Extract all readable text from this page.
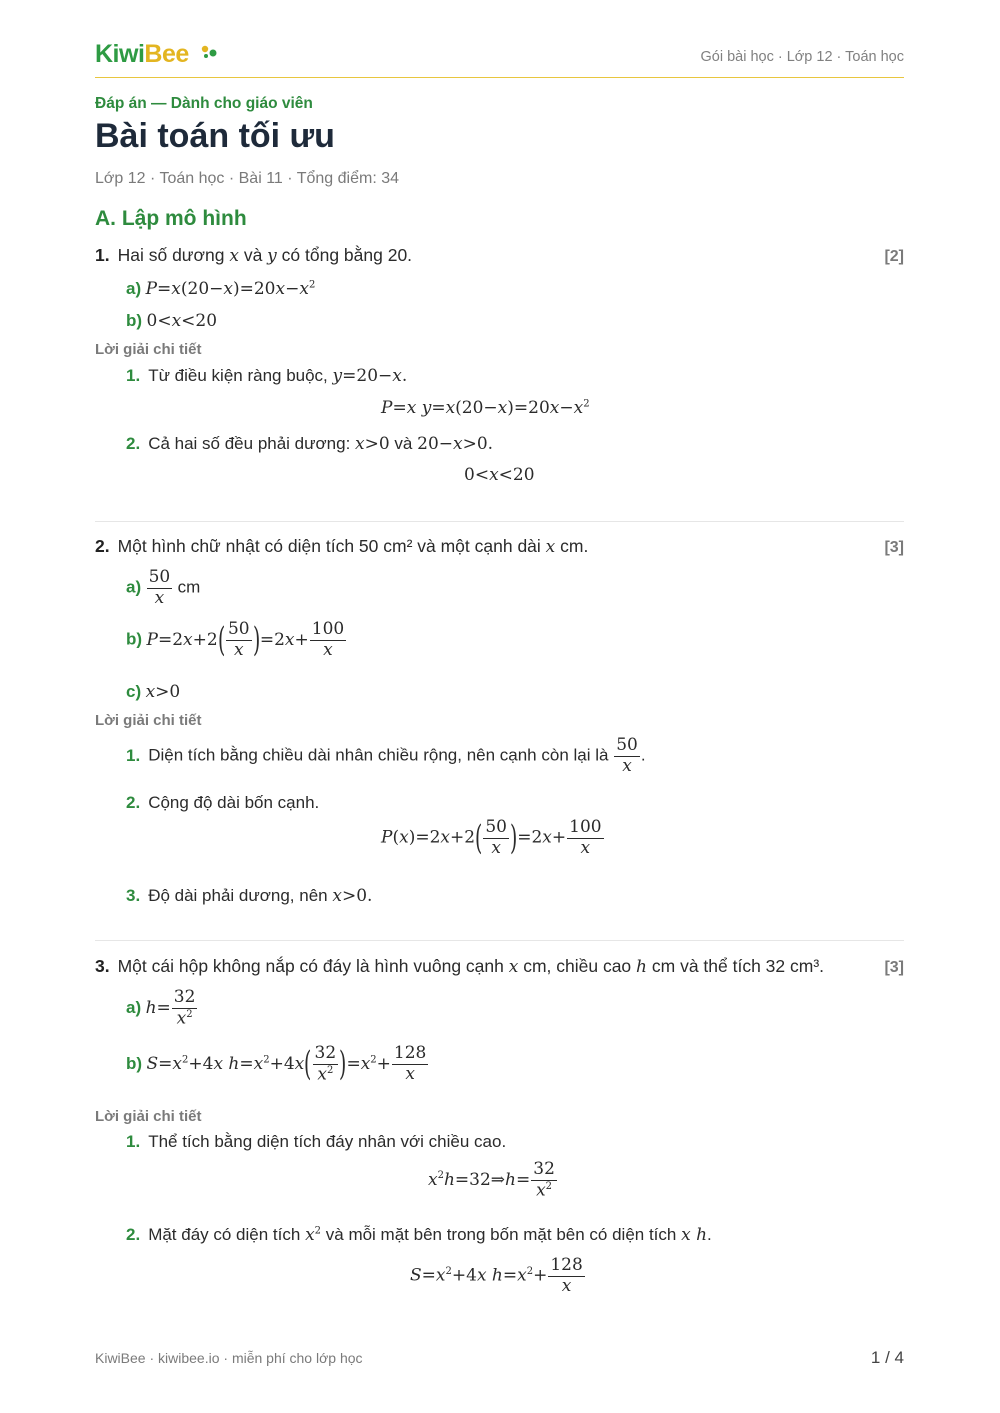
KiwiBee	Gói bài học · Lớp 12 · Toán học
Đáp án — Dành cho giáo viên
Bài toán tối ưu
Lớp 12 · Toán học · Bài 11 · Tổng điểm: 34
A. Lập mô hình
1. Hai số dương x và y có tổng bằng 20.	[2]
a) $P=x(20-x)=20x-x^2$
b) 0<x<20
Lời giải chi tiết
1. Từ điều kiện ràng buộc, y=20−x.
P=x $y=x(20-x)=20x-x^2$
2. Cả hai số đều phải dương: x>0 và 20−x>0.
0<x<20
2. Một hình chữ nhật có diện tích 50 cm² và một cạnh dài x cm.	[3]
$a) \frac{50}{x}$ cm
b) $P=2x+2( \frac{50}{x} )=2x+ \frac{100}{x}$
c) x>0
Lời giải chi tiết
1. Diện tích bằng chiều dài nhân chiều rộng, nên cạnh còn lại là $\frac{50}{x}$ .
2. Cộng độ dài bốn cạnh.
$P(x)=2x+2( \frac{50}{x} )=2x+ \frac{100}{x}$
3. Độ dài phải dương, nên x>0.
3. Một cái hộp không nắp có đáy là hình vuông cạnh x cm, chiều cao h cm và thể tích 32 cm³.	[3]
a) $h= \frac{32}{x^2}$
b) $S=x^2+4x$ $h=x^2+4x( \frac{32}{x^2} )=x^2+ \frac{128}{x}$
Lời giải chi tiết
1. Thể tích bằng diện tích đáy nhân với chiều cao.
$x^2h=32\Rightarrow h= \frac{32}{x^2}$
2. Mặt đáy có diện tích $x^2$ và mỗi mặt bên trong bốn mặt bên có diện tích x h.
$S=x^2+4x$ $h=x^2+ \frac{128}{x}$
KiwiBee · kiwibee.io · miễn phí cho lớp học	1 / 4
